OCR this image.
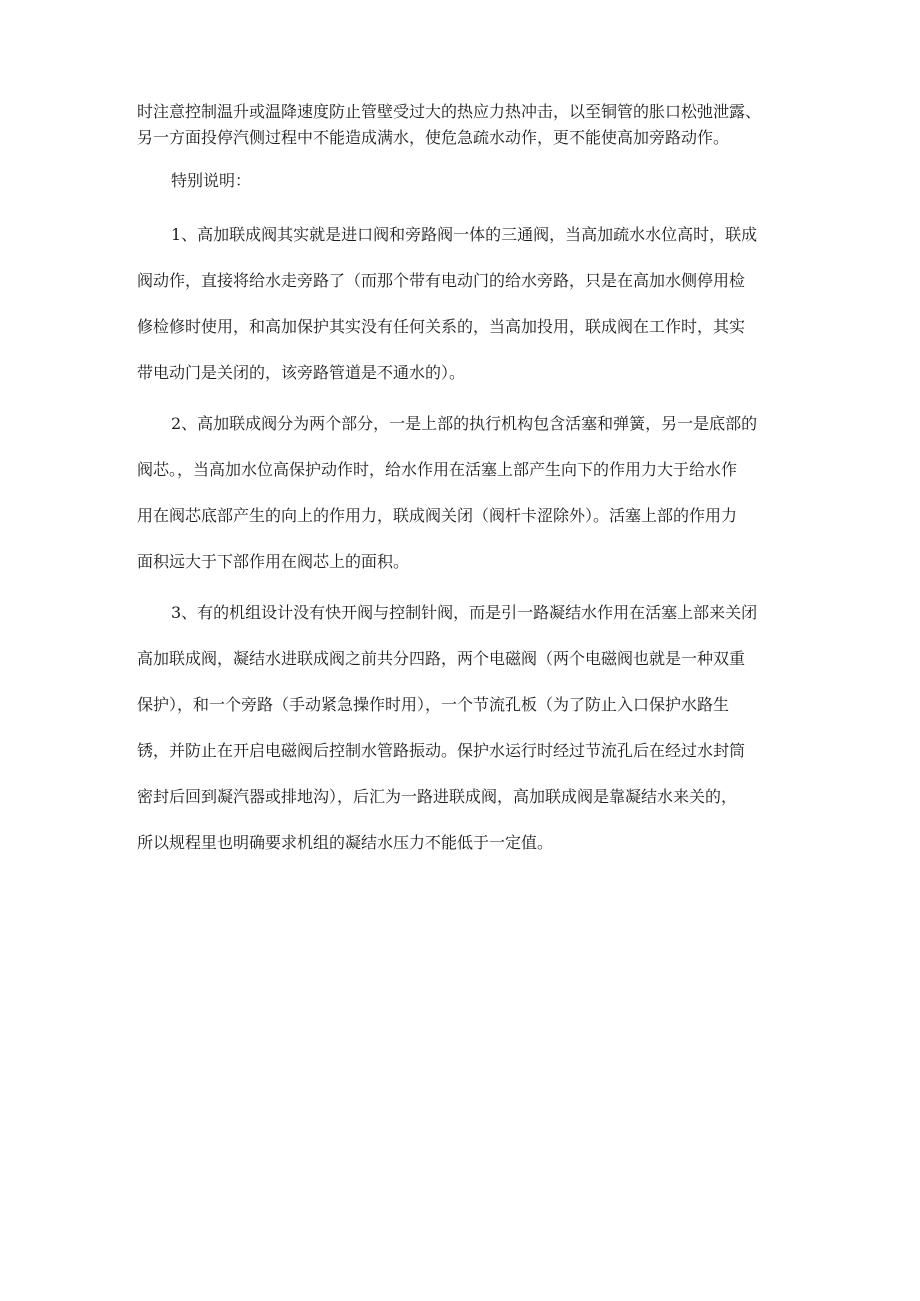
时注意控制温升或温降速度防止管壁受过大的热应力热冲击，以至铜管的胀口松弛泄露、
另一方面投停汽侧过程中不能造成满水，使危急疏水动作，更不能使高加旁路动作。

特别说明：

1、高加联成阀其实就是进口阀和旁路阀一体的三通阀，当高加疏水水位高时，联成
阀动作，直接将给水走旁路了（而那个带有电动门的给水旁路，只是在高加水侧停用检
修检修时使用，和高加保护其实没有任何关系的，当高加投用，联成阀在工作时，其实
带电动门是关闭的，该旁路管道是不通水的）。

2、高加联成阀分为两个部分，一是上部的执行机构包含活塞和弹簧，另一是底部的
阀芯。，当高加水位高保护动作时，给水作用在活塞上部产生向下的作用力大于给水作
用在阀芯底部产生的向上的作用力，联成阀关闭（阀杆卡涩除外）。活塞上部的作用力
面积远大于下部作用在阀芯上的面积。

3、有的机组设计没有快开阀与控制针阀，而是引一路凝结水作用在活塞上部来关闭
高加联成阀，凝结水进联成阀之前共分四路，两个电磁阀（两个电磁阀也就是一种双重
保护），和一个旁路（手动紧急操作时用），一个节流孔板（为了防止入口保护水路生
锈，并防止在开启电磁阀后控制水管路振动。保护水运行时经过节流孔后在经过水封筒
密封后回到凝汽器或排地沟），后汇为一路进联成阀，高加联成阀是靠凝结水来关的，
所以规程里也明确要求机组的凝结水压力不能低于一定值。
